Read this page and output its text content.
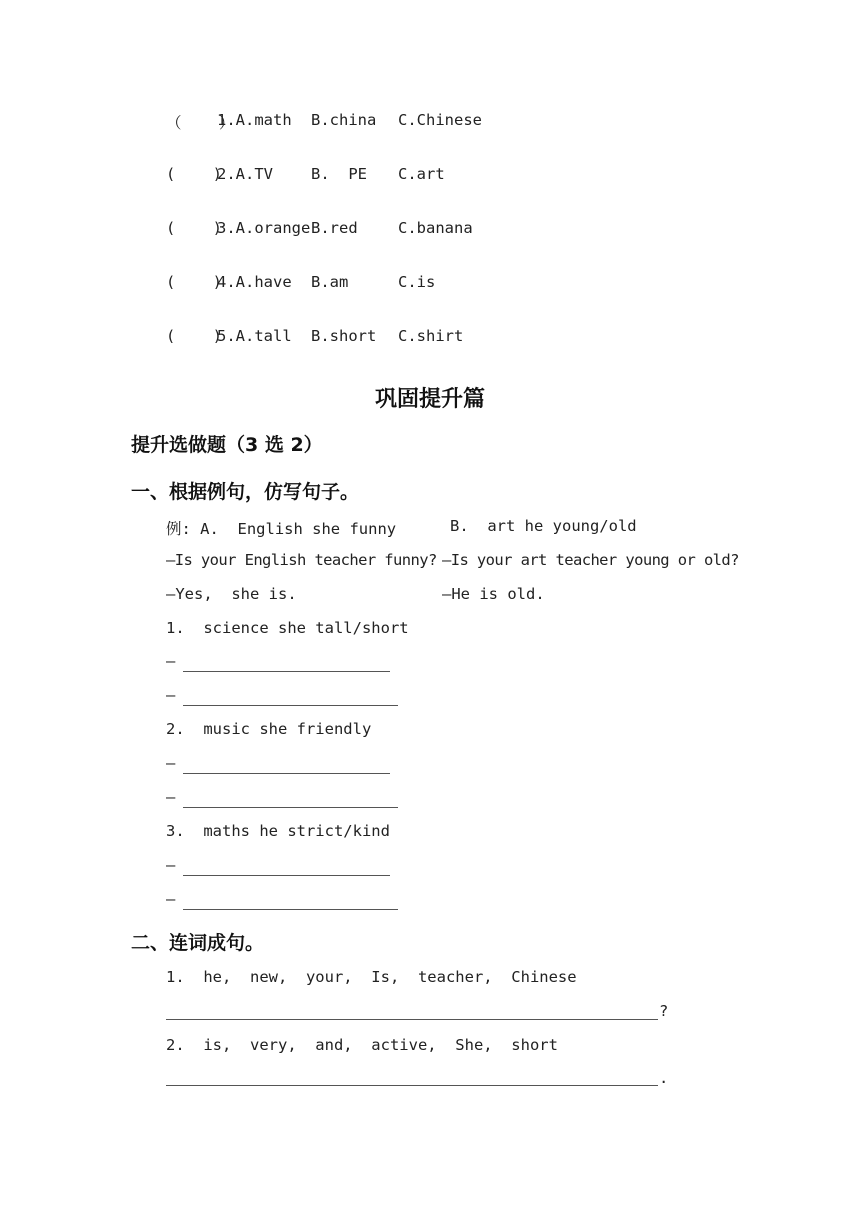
（    ）
1.A.math B.china C.Chinese
(    )
2.A.TV B.  PE C.art
(    )
3.A.orange B.red	C.banana
(    )
4.A.have B.am	C.is
(    )
5.A.tall B.short C.shirt
巩固提升篇
提升选做题（3 选 2）
一、根据例句，仿写句子。
例: A.  English she funny	B.  art he young/old
—Is your English teacher funny? —Is your art teacher young or old?
—Yes,  she is.	—He is old.
1.  science she tall/short
—
—
2.  music she friendly
—
—
3.  maths he strict/kind
—
—
二、连词成句。
1.  he,  new,  your,  Is,  teacher,  Chinese
?
2.  is,  very,  and,  active,  She,  short
.
